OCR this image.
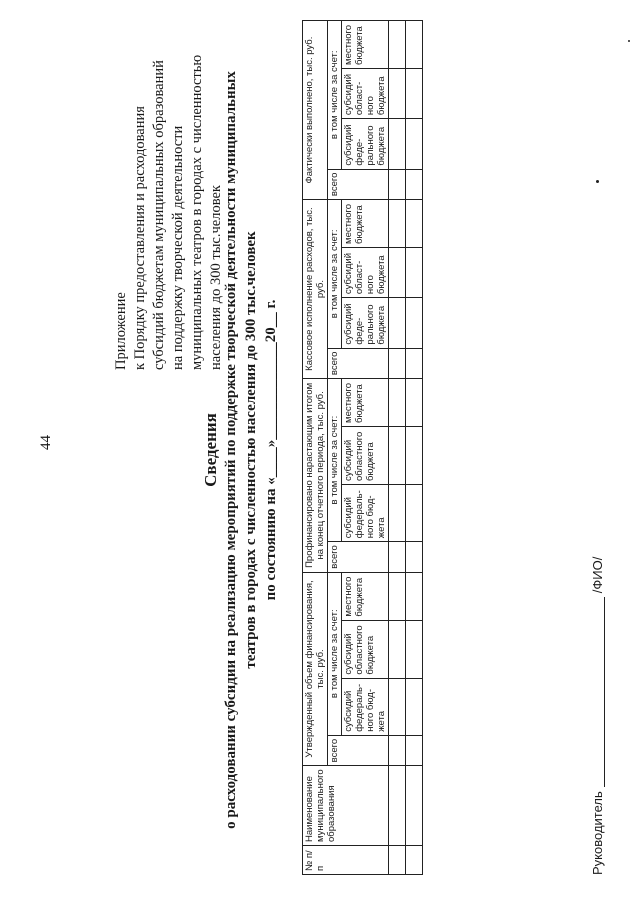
44
Приложение к Порядку предоставления и расходования субсидий бюджетам муниципальных образований на поддержку творческой деятельности муниципальных театров в городах с численностью населения до 300 тыс.человек
Сведения о расходовании субсидии на реализацию мероприятий по поддержке творческой деятельности муниципальных театров в городах с численностью населения до 300 тыс.человек по состоянию на «____»_____________20__ г.
№ п/п	Наименование муниципального образования	Утвержденный объем финансирования, тыс. руб.				Профинансировано нарастающим итогом на конец отчетного периода, тыс. руб.				Кассовое исполнение расходов, тыс. руб.				Фактически выполнено, тыс. руб.			
		всего	в том числе за счет:			всего	в том числе за счет:			всего	в том числе за счет:			всего	в том числе за счет:		
			субсидий федераль-ного бюд-жета	субсидий областного бюджета	местного бюджета		субсидий федераль-ного бюд-жета	субсидий областного бюджета	местного бюджета		субсидий феде-рального бюджета	субсидий област-ного бюджета	местного бюджета		субсидий феде-рального бюджета	субсидий област-ного бюджета	местного бюджета

Руководитель/ФИО/
